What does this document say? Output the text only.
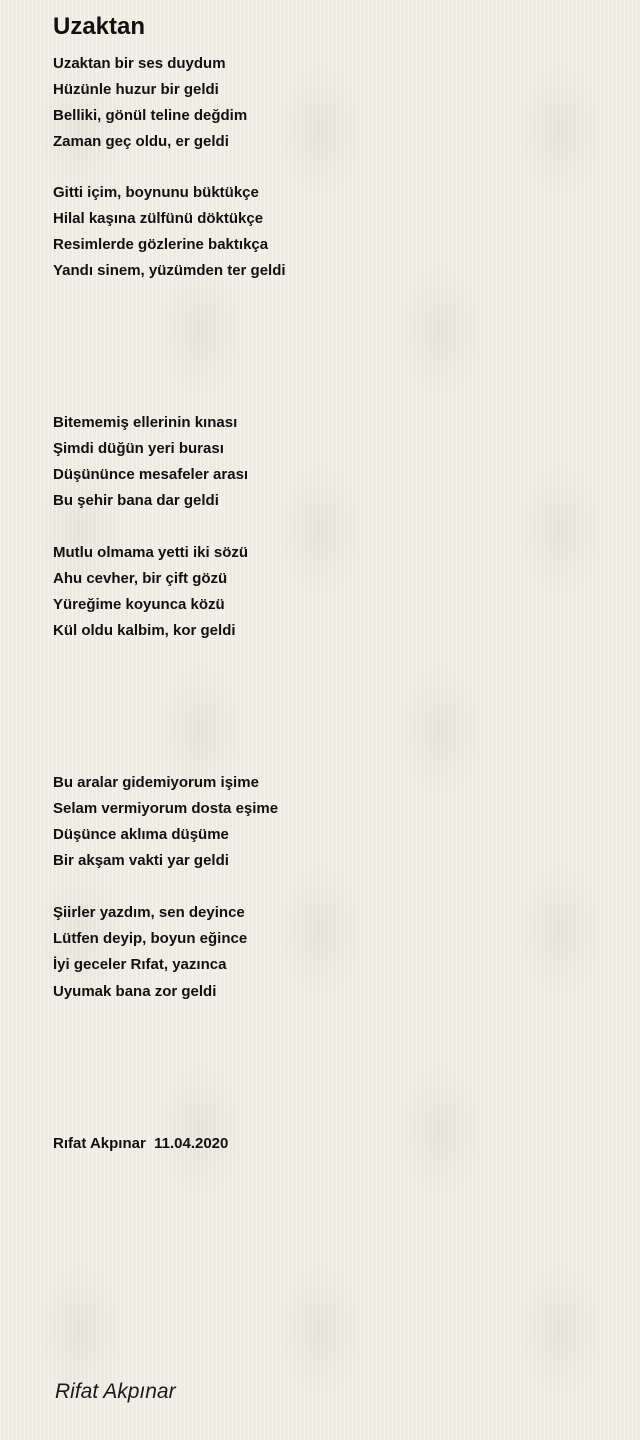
Uzaktan
Uzaktan bir ses duydum
Hüzünle huzur bir geldi
Belliki, gönül teline değdim
Zaman geç oldu, er geldi
Gitti içim, boynunu büktükçe
Hilal kaşına zülfünü döktükçe
Resimlerde gözlerine baktıkça
Yandı sinem, yüzümden ter geldi
Bitememiş ellerinin kınası
Şimdi düğün yeri burası
Düşününce mesafeler arası
Bu şehir bana dar geldi
Mutlu olmama yetti iki sözü
Ahu cevher, bir çift gözü
Yüreğime koyunca közü
Kül oldu kalbim, kor geldi
Bu aralar gidemiyorum işime
Selam vermiyorum dosta eşime
Düşünce aklıma düşüme
Bir akşam vakti yar geldi
Şiirler yazdım, sen deyince
Lütfen deyip, boyun eğince
İyi geceler Rıfat, yazınca
Uyumak bana zor geldi
Rıfat Akpınar  11.04.2020
Rifat Akpınar
